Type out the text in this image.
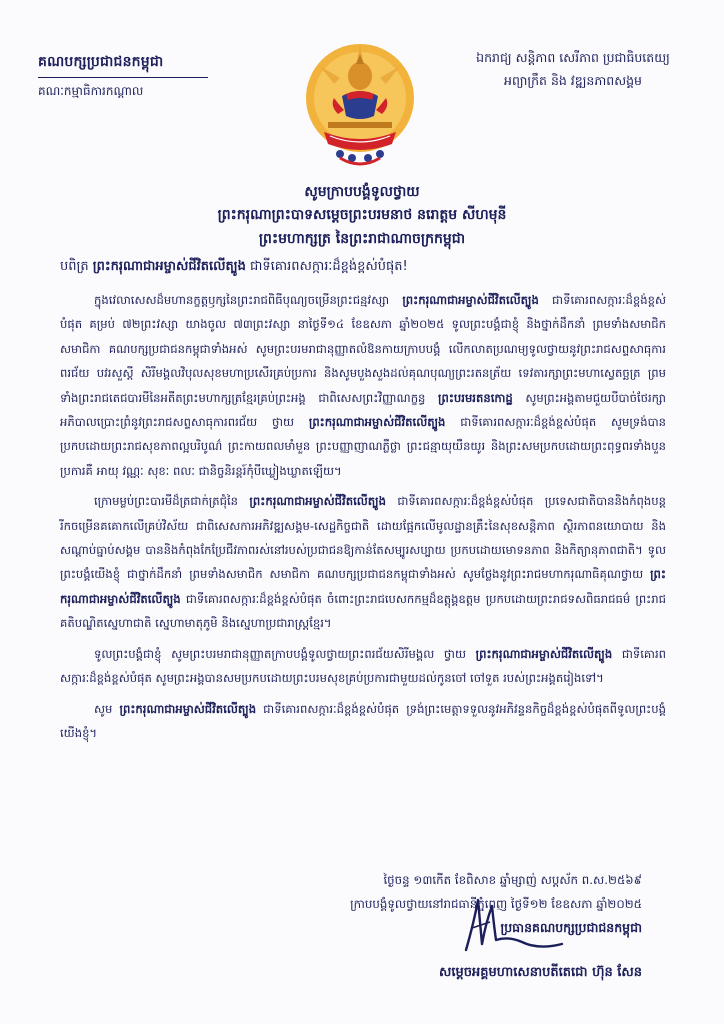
គណបក្សប្រជាជនកម្ពុជា
គណៈកម្មាធិការកណ្តាល
ឯករាជ្យ សន្តិភាព សេរីភាព ប្រជាធិបតេយ្យ
អព្យាក្រឹត និង វឌ្ឍនភាពសង្គម
សូមក្រាបបង្គំទូលថ្វាយ
ព្រះករុណាព្រះបាទសម្តេចព្រះបរមនាថ នរោត្តម សីហមុនី
ព្រះមហាក្សត្រ នៃព្រះរាជាណាចក្រកម្ពុជា
បពិត្រ ព្រះករុណាជាអម្ចាស់ជីវិតលើត្បូង ជាទីគោរពសក្ការៈដ៏ខ្ពង់ខ្ពស់បំផុត!

ក្នុងវេលាសេសដ៏មហានក្ខត្តឫក្សនៃព្រះរាជពិធីបុណ្យចម្រើនព្រះជន្មវស្សា ព្រះករុណាជាអម្ចាស់ជីវិតលើត្បូង ជាទីគោរពសក្ការៈដ៏ខ្ពង់ខ្ពស់បំផុត គម្រប់ ៧២ព្រះវស្សា យាងចូល ៧៣ព្រះវស្សា នាថ្ងៃទី១៤ ខែឧសភា ឆ្នាំ២០២៥ ទូលព្រះបង្គំជាខ្ញុំ និងថ្នាក់ដឹកនាំ ព្រមទាំងសមាជិក សមាជិកា គណបក្សប្រជាជនកម្ពុជាទាំងអស់ សូមព្រះបរមរាជានុញ្ញាតលំឱនកាយក្រាបបង្គំ លើកលាតប្រណម្យទូលថ្វាយនូវព្រះរាជសព្ទសាធុការពរជ័យ បវរសួស្តី សិរីមង្គលវិបុលសុខមហាប្រសើរគ្រប់ប្រការ និងសូមបួងសួងដល់គុណបុណ្យព្រះរតនត្រ័យ ទេវតារក្សាព្រះមហាស្វេតច្ឆត្រ ព្រមទាំងព្រះរាជតេជបារមីនៃអតីតព្រះមហាក្សត្រខ្មែរគ្រប់ព្រះអង្គ ជាពិសេសព្រះវិញ្ញាណក្ខន្ធ ព្រះបរមរតនកោដ្ឋ សូមព្រះអង្គតាមជួយបីបាច់ថែរក្សា អភិបាលប្រោះព្រំនូវព្រះរាជសព្ទសាធុការពរជ័យ ថ្វាយ ព្រះករុណាជាអម្ចាស់ជីវិតលើត្បូង ជាទីគោរពសក្ការៈដ៏ខ្ពង់ខ្ពស់បំផុត សូមទ្រង់បានប្រកបដោយព្រះរាជសុខភាពល្អបរិបូណ៌ ព្រះកាយពលមាំមួន ព្រះបញ្ញាញាណភ្លឺថ្លា ព្រះជន្មាយុយឺនយូរ និងព្រះសមប្រកបដោយព្រះពុទ្ធពរទាំងបួនប្រការគឺ អាយុ វណ្ណៈ សុខៈ ពលៈ ជានិច្ចនិរន្តរ៍កុំបីឃ្លៀងឃ្លាតឡើយ។

ក្រោមម្លប់ព្រះបារមីដ៏ត្រជាក់ត្រជុំនៃ ព្រះករុណាជាអម្ចាស់ជីវិតលើត្បូង ជាទីគោរពសក្ការៈដ៏ខ្ពង់ខ្ពស់បំផុត ប្រទេសជាតិបាននិងកំពុងបន្តរីកចម្រើនគគោកលើគ្រប់វិស័យ ជាពិសេសការអភិវឌ្ឍសង្គម-សេដ្ឋកិច្ចជាតិ ដោយផ្អែកលើមូលដ្ឋានគ្រឹះនៃសុខសន្តិភាព ស្ថិរភាពនយោបាយ និងសណ្តាប់ធ្នាប់សង្គម បាននិងកំពុងកែប្រែជីវភាពរស់នៅរបស់ប្រជាជនឱ្យកាន់តែសម្បូរសប្បាយ ប្រកបដោយមោទនភាព និងកិត្យានុភាពជាតិ។ ទូលព្រះបង្គំយើងខ្ញុំ ជាថ្នាក់ដឹកនាំ ព្រមទាំងសមាជិក សមាជិកា គណបក្សប្រជាជនកម្ពុជាទាំងអស់ សូមថ្លែងនូវព្រះរាជមហាករុណាធិគុណថ្វាយ ព្រះករុណាជាអម្ចាស់ជីវិតលើត្បូង ជាទីគោរពសក្ការៈដ៏ខ្ពង់ខ្ពស់បំផុត ចំពោះព្រះរាជបេសកកម្មដ៏ឧត្តុង្គឧត្តម ប្រកបដោយព្រះរាជទសពិធរាជធម៌ ព្រះរាជគតិបណ្ឌិតស្នេហាជាតិ ស្នេហាមាតុភូមិ និងស្នេហាប្រជារាស្ត្រខ្មែរ។

ទូលព្រះបង្គំជាខ្ញុំ សូមព្រះបរមរាជានុញ្ញាតក្រាបបង្គំទូលថ្វាយព្រះពរជ័យសិរីមង្គល ថ្វាយ ព្រះករុណាជាអម្ចាស់ជីវិតលើត្បូង ជាទីគោរពសក្ការៈដ៏ខ្ពង់ខ្ពស់បំផុត សូមព្រះអង្គបានសមប្រកបដោយព្រះបរមសុខគ្រប់ប្រការជាមួយដល់កូនចៅ ចៅទួត របស់ព្រះអង្គតរៀងទៅ។

សូម ព្រះករុណាជាអម្ចាស់ជីវិតលើត្បូង ជាទីគោរពសក្ការៈដ៏ខ្ពង់ខ្ពស់បំផុត ទ្រង់ព្រះមេត្តាទទួលនូវអភិវន្ទនកិច្ចដ៏ខ្ពង់ខ្ពស់បំផុតពីទូលព្រះបង្គំយើងខ្ញុំ។

ថ្ងៃចន្ទ ១៣កើត ខែពិសាខ ឆ្នាំម្សាញ់ សប្តស័ក ព.ស.២៥៦៩
ក្រាបបង្គំទូលថ្វាយនៅរាជធានីភ្នំពេញ ថ្ងៃទី១២ ខែឧសភា ឆ្នាំ២០២៥
ប្រធានគណបក្សប្រជាជនកម្ពុជា
សម្តេចអគ្គមហាសេនាបតីតេជោ ហ៊ុន សែន
